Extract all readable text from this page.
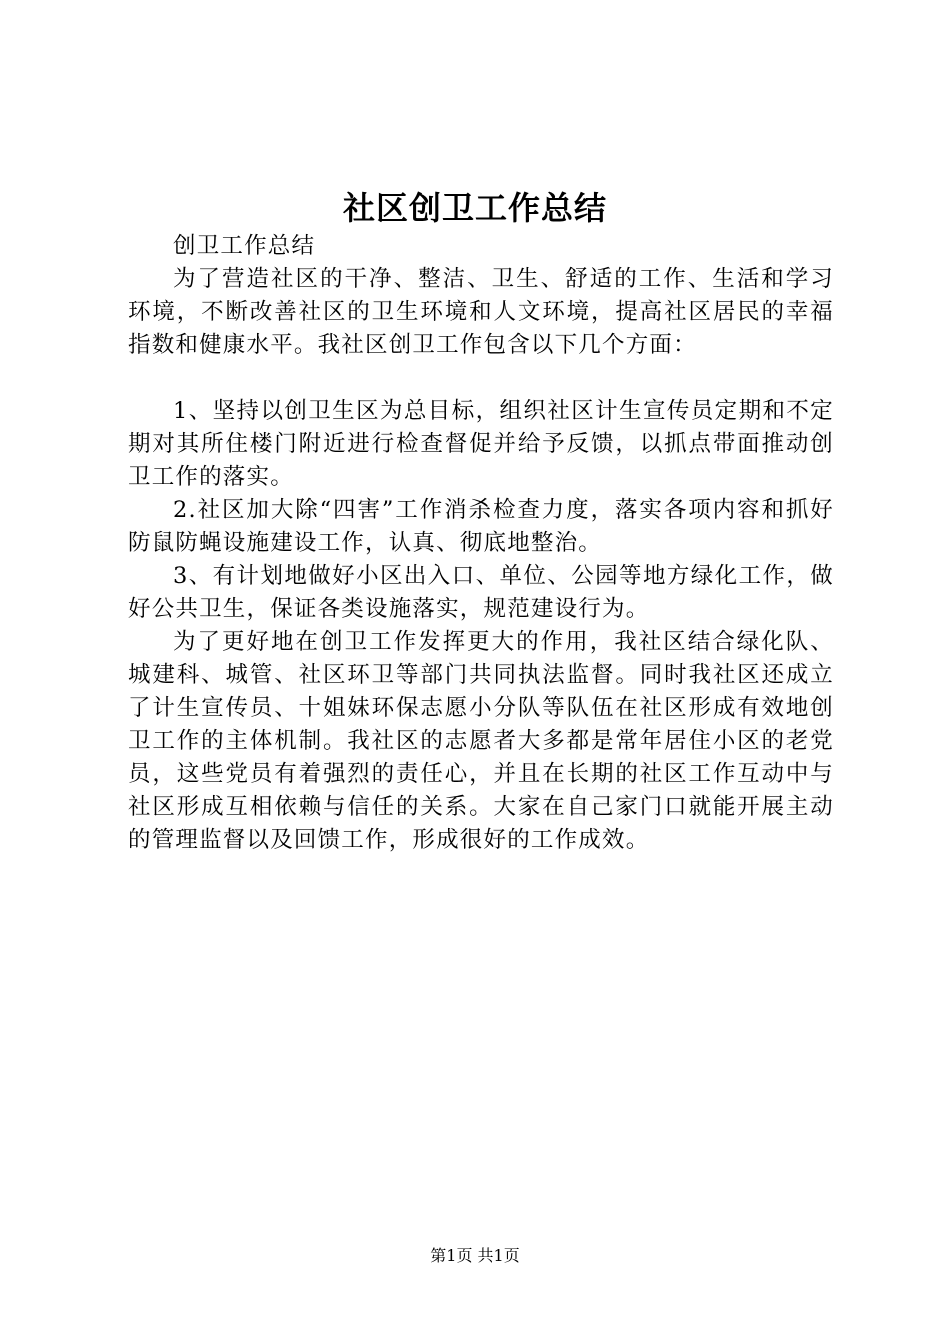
社区创卫工作总结

创卫工作总结

为了营造社区的干净、整洁、卫生、舒适的工作、生活和学习环境，不断改善社区的卫生环境和人文环境，提高社区居民的幸福指数和健康水平。我社区创卫工作包含以下几个方面：

1、坚持以创卫生区为总目标，组织社区计生宣传员定期和不定期对其所住楼门附近进行检查督促并给予反馈，以抓点带面推动创卫工作的落实。

2.社区加大除“四害”工作消杀检查力度，落实各项内容和抓好防鼠防蝇设施建设工作，认真、彻底地整治。

3、有计划地做好小区出入口、单位、公园等地方绿化工作，做好公共卫生，保证各类设施落实，规范建设行为。

为了更好地在创卫工作发挥更大的作用，我社区结合绿化队、城建科、城管、社区环卫等部门共同执法监督。同时我社区还成立了计生宣传员、十姐妹环保志愿小分队等队伍在社区形成有效地创卫工作的主体机制。我社区的志愿者大多都是常年居住小区的老党员，这些党员有着强烈的责任心，并且在长期的社区工作互动中与社区形成互相依赖与信任的关系。大家在自己家门口就能开展主动的管理监督以及回馈工作，形成很好的工作成效。

第1页 共1页
